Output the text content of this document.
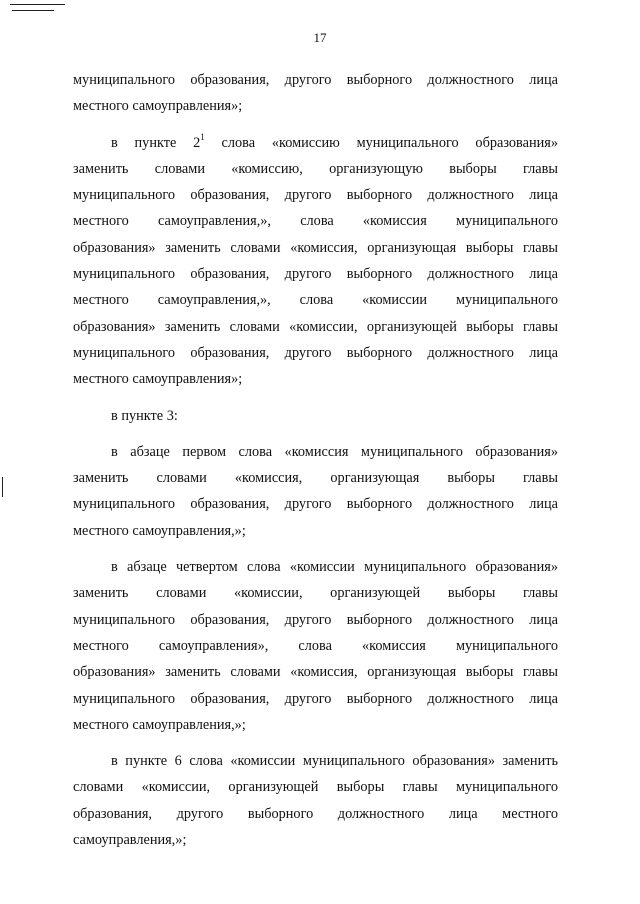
17
муниципального образования, другого выборного должностного лица
местного самоуправления»;
в пункте $2^1$ слова «комиссию муниципального образования»
заменить словами «комиссию, организующую выборы главы
муниципального образования, другого выборного должностного лица
местного самоуправления,», слова «комиссия муниципального
образования» заменить словами «комиссия, организующая выборы главы
муниципального образования, другого выборного должностного лица
местного самоуправления,», слова «комиссии муниципального
образования» заменить словами «комиссии, организующей выборы главы
муниципального образования, другого выборного должностного лица
местного самоуправления»;
в пункте 3:
в абзаце первом слова «комиссия муниципального образования»
заменить словами «комиссия, организующая выборы главы
муниципального образования, другого выборного должностного лица
местного самоуправления,»;
в абзаце четвертом слова «комиссии муниципального образования»
заменить словами «комиссии, организующей выборы главы
муниципального образования, другого выборного должностного лица
местного самоуправления», слова «комиссия муниципального
образования» заменить словами «комиссия, организующая выборы главы
муниципального образования, другого выборного должностного лица
местного самоуправления,»;
в пункте 6 слова «комиссии муниципального образования» заменить
словами «комиссии, организующей выборы главы муниципального
образования, другого выборного должностного лица местного
самоуправления,»;
